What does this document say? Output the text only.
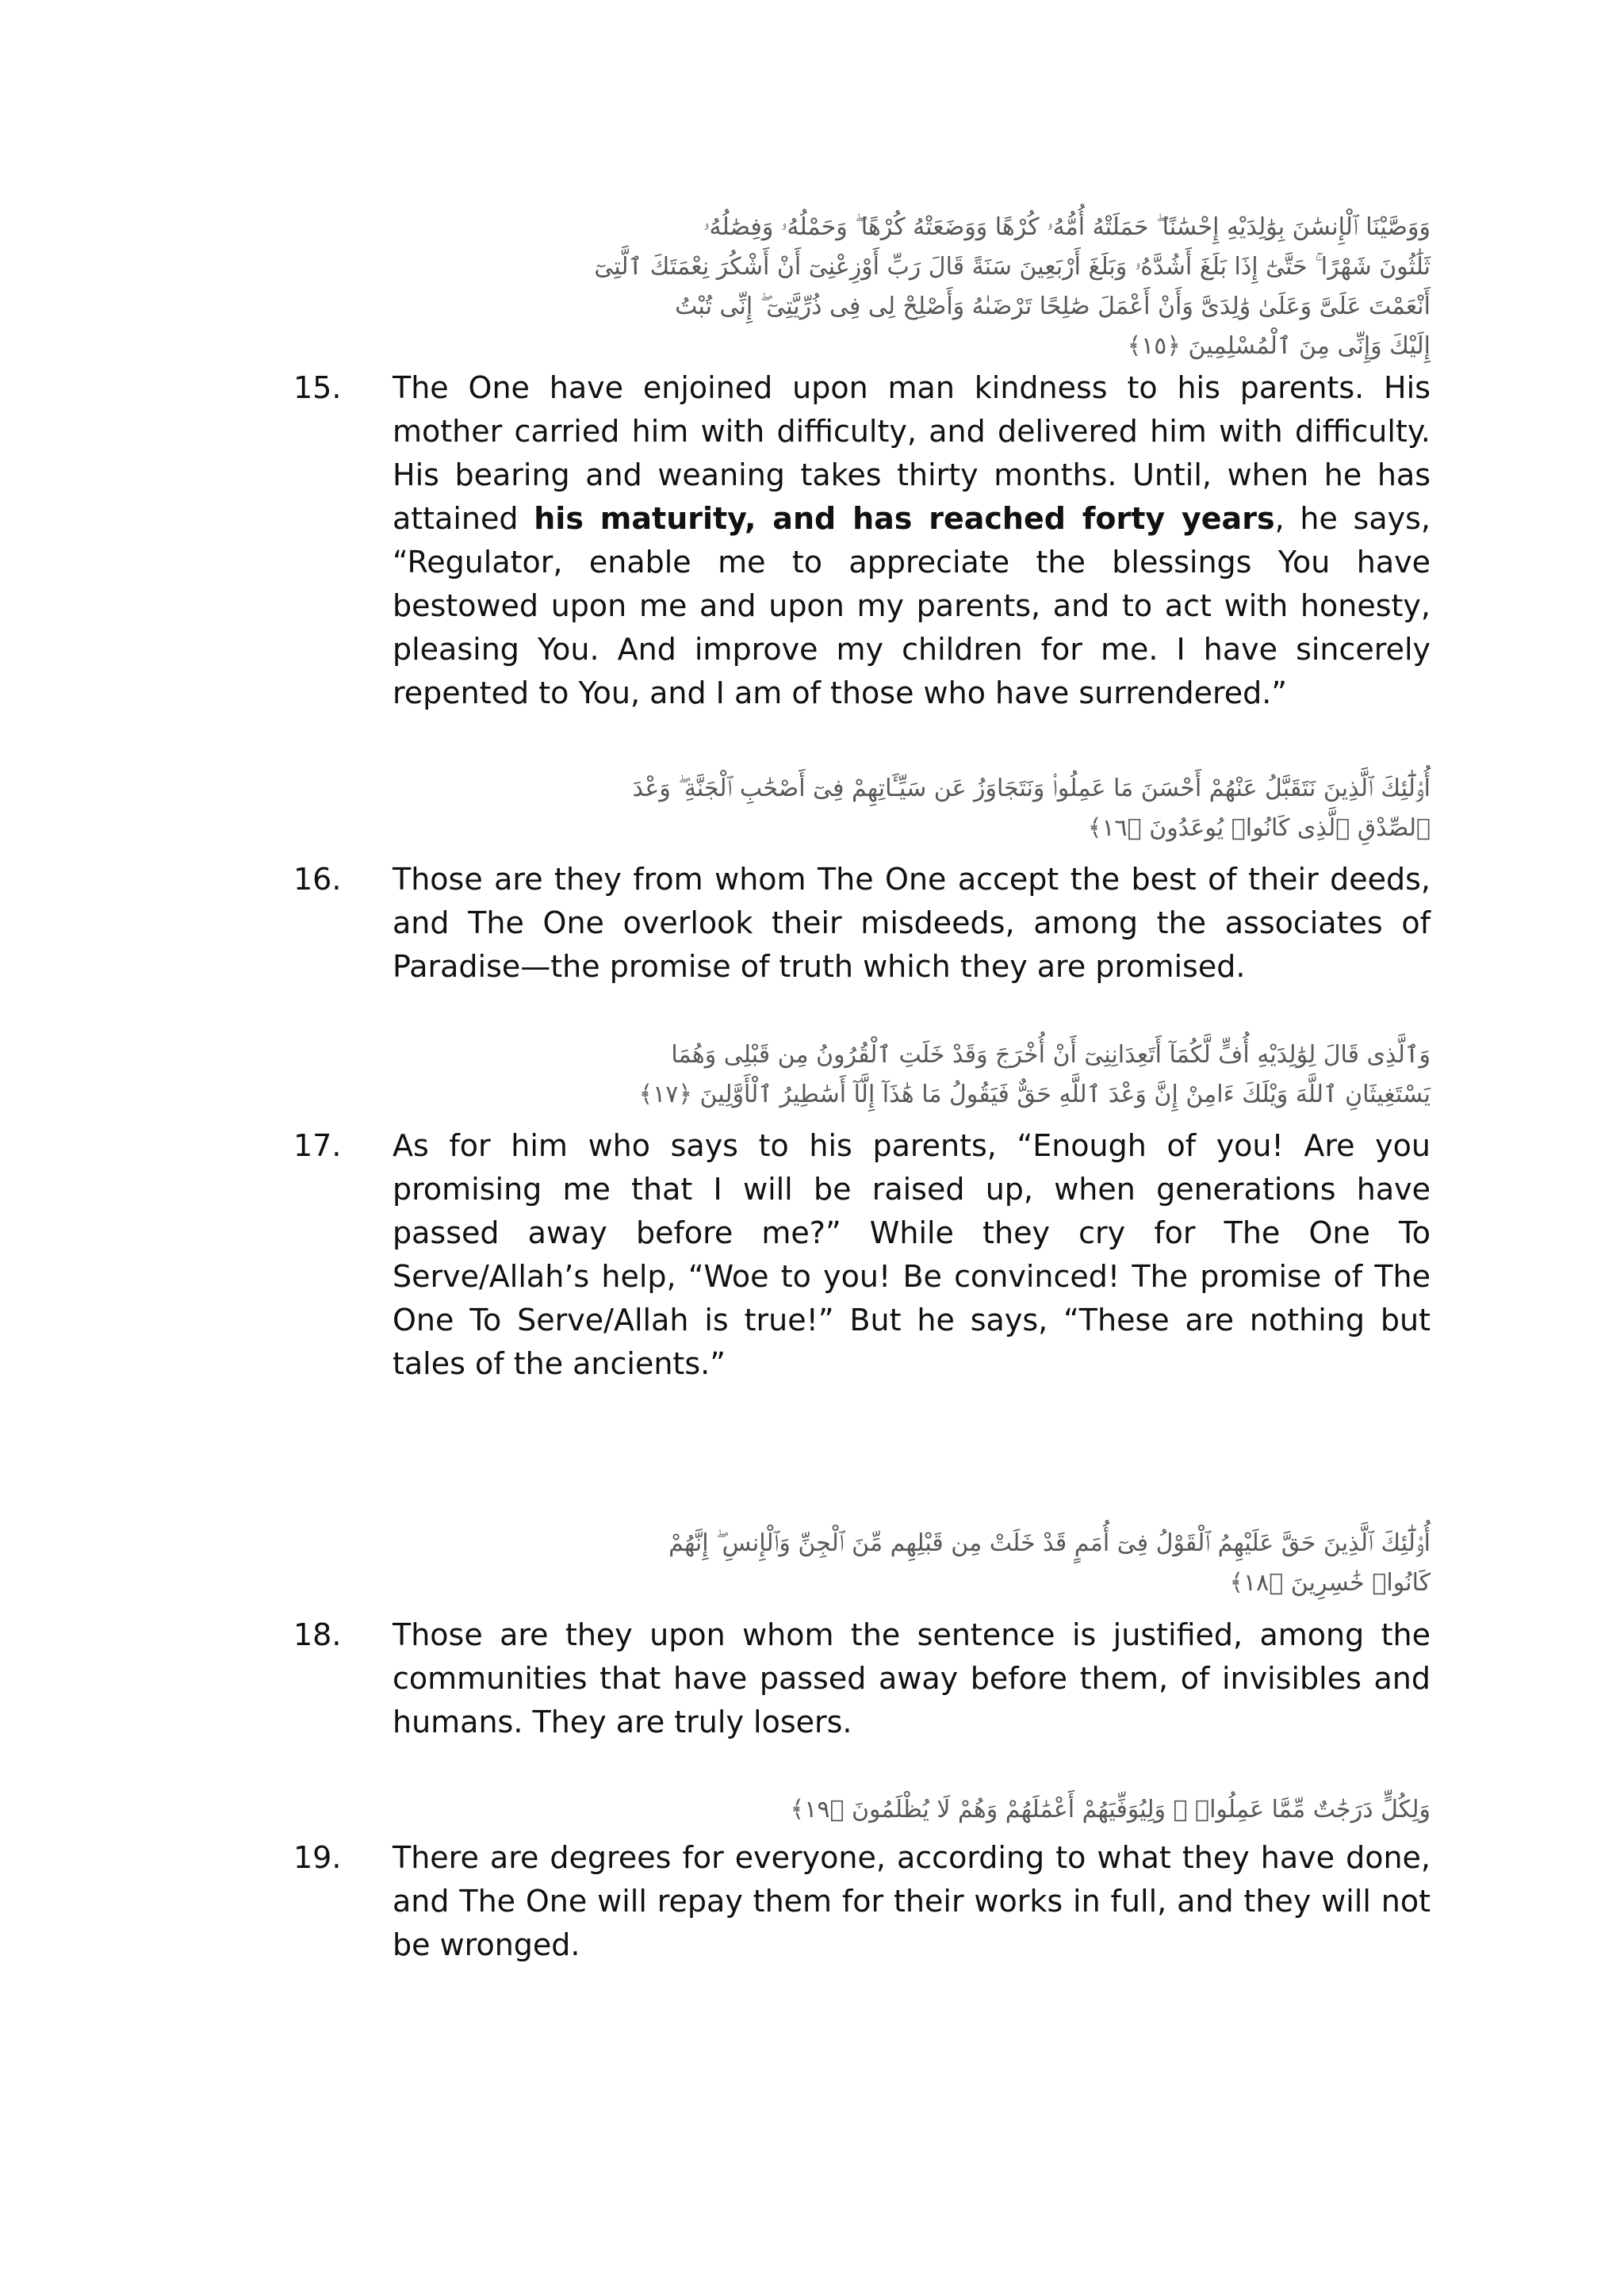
وَوَصَّيْنَا ٱلْإِنسَٰنَ بِوَٰلِدَيْهِ إِحْسَٰنًا ۖ حَمَلَتْهُ أُمُّهُۥ كُرْهًا وَوَضَعَتْهُ كُرْهًا ۖ وَحَمْلُهُۥ وَفِصَٰلُهُۥ
ثَلَٰثُونَ شَهْرًا ۚ حَتَّىٰٓ إِذَا بَلَغَ أَشُدَّهُۥ وَبَلَغَ أَرْبَعِينَ سَنَةً قَالَ رَبِّ أَوْزِعْنِىٓ أَنْ أَشْكُرَ نِعْمَتَكَ ٱلَّتِىٓ
أَنْعَمْتَ عَلَىَّ وَعَلَىٰ وَٰلِدَىَّ وَأَنْ أَعْمَلَ صَٰلِحًا تَرْضَىٰهُ وَأَصْلِحْ لِى فِى ذُرِّيَّتِىٓ ۖ إِنِّى تُبْتُ
إِلَيْكَ وَإِنِّى مِنَ ٱلْمُسْلِمِينَ ﴿١٥﴾
15. The One have enjoined upon man kindness to his parents. His mother carried him with difficulty, and delivered him with difficulty. His bearing and weaning takes thirty months. Until, when he has attained his maturity, and has reached forty years, he says, “Regulator, enable me to appreciate the blessings You have bestowed upon me and upon my parents, and to act with honesty, pleasing You. And improve my children for me. I have sincerely repented to You, and I am of those who have surrendered.”
أُو۟لَٰٓئِكَ ٱلَّذِينَ نَتَقَبَّلُ عَنْهُمْ أَحْسَنَ مَا عَمِلُوا۟ وَنَتَجَاوَزُ عَن سَيِّـَٔاتِهِمْ فِىٓ أَصْحَٰبِ ٱلْجَنَّةِ ۖ وَعْدَ
ٱلصِّدْقِ ٱلَّذِى كَانُوا۟ يُوعَدُونَ ﴿١٦﴾
16. Those are they from whom The One accept the best of their deeds, and The One overlook their misdeeds, among the associates of Paradise—the promise of truth which they are promised.
وَٱلَّذِى قَالَ لِوَٰلِدَيْهِ أُفٍّ لَّكُمَآ أَتَعِدَانِنِىٓ أَنْ أُخْرَجَ وَقَدْ خَلَتِ ٱلْقُرُونُ مِن قَبْلِى وَهُمَا
يَسْتَغِيثَانِ ٱللَّهَ وَيْلَكَ ءَامِنْ إِنَّ وَعْدَ ٱللَّهِ حَقٌّ فَيَقُولُ مَا هَٰذَآ إِلَّآ أَسَٰطِيرُ ٱلْأَوَّلِينَ ﴿١٧﴾
17. As for him who says to his parents, “Enough of you! Are you promising me that I will be raised up, when generations have passed away before me?” While they cry for The One To Serve/Allah’s help, “Woe to you! Be convinced! The promise of The One To Serve/Allah is true!” But he says, “These are nothing but tales of the ancients.”
أُو۟لَٰٓئِكَ ٱلَّذِينَ حَقَّ عَلَيْهِمُ ٱلْقَوْلُ فِىٓ أُمَمٍ قَدْ خَلَتْ مِن قَبْلِهِم مِّنَ ٱلْجِنِّ وَٱلْإِنسِ ۖ إِنَّهُمْ
كَانُوا۟ خَٰسِرِينَ ﴿١٨﴾
18. Those are they upon whom the sentence is justified, among the communities that have passed away before them, of invisibles and humans. They are truly losers.
وَلِكُلٍّ دَرَجَٰتٌ مِّمَّا عَمِلُوا۟ ۖ وَلِيُوَفِّيَهُمْ أَعْمَٰلَهُمْ وَهُمْ لَا يُظْلَمُونَ ﴿١٩﴾
19. There are degrees for everyone, according to what they have done, and The One will repay them for their works in full, and they will not be wronged.
